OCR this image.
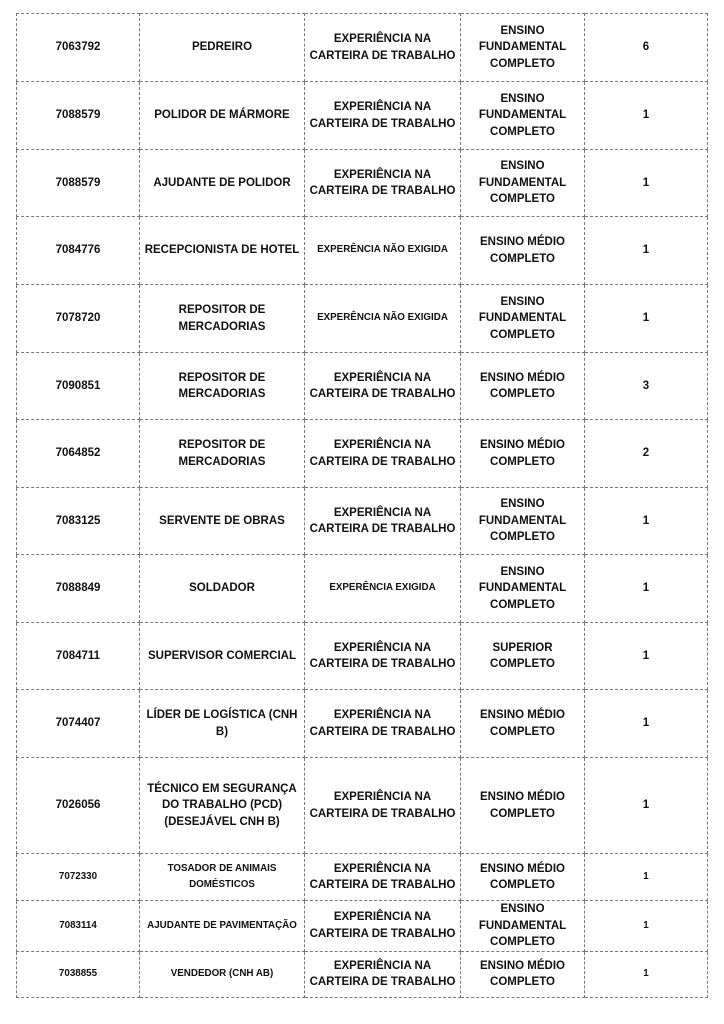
7063792	PEDREIRO	EXPERIÊNCIA NA CARTEIRA DE TRABALHO	ENSINO FUNDAMENTAL COMPLETO	6
7088579	POLIDOR DE MÁRMORE	EXPERIÊNCIA NA CARTEIRA DE TRABALHO	ENSINO FUNDAMENTAL COMPLETO	1
7088579	AJUDANTE DE POLIDOR	EXPERIÊNCIA NA CARTEIRA DE TRABALHO	ENSINO FUNDAMENTAL COMPLETO	1
7084776	RECEPCIONISTA DE HOTEL	EXPERÊNCIA NÃO EXIGIDA	ENSINO MÉDIO COMPLETO	1
7078720	REPOSITOR DE MERCADORIAS	EXPERÊNCIA NÃO EXIGIDA	ENSINO FUNDAMENTAL COMPLETO	1
7090851	REPOSITOR DE MERCADORIAS	EXPERIÊNCIA NA CARTEIRA DE TRABALHO	ENSINO MÉDIO COMPLETO	3
7064852	REPOSITOR DE MERCADORIAS	EXPERIÊNCIA NA CARTEIRA DE TRABALHO	ENSINO MÉDIO COMPLETO	2
7083125	SERVENTE DE OBRAS	EXPERIÊNCIA NA CARTEIRA DE TRABALHO	ENSINO FUNDAMENTAL COMPLETO	1
7088849	SOLDADOR	EXPERÊNCIA EXIGIDA	ENSINO FUNDAMENTAL COMPLETO	1
7084711	SUPERVISOR COMERCIAL	EXPERIÊNCIA NA CARTEIRA DE TRABALHO	SUPERIOR COMPLETO	1
7074407	LÍDER DE LOGÍSTICA (CNH B)	EXPERIÊNCIA NA CARTEIRA DE TRABALHO	ENSINO MÉDIO COMPLETO	1
7026056	TÉCNICO EM SEGURANÇA DO TRABALHO (PCD) (DESEJÁVEL CNH B)	EXPERIÊNCIA NA CARTEIRA DE TRABALHO	ENSINO MÉDIO COMPLETO	1
7072330	TOSADOR DE ANIMAIS DOMÉSTICOS	EXPERIÊNCIA NA CARTEIRA DE TRABALHO	ENSINO MÉDIO COMPLETO	1
7083114	AJUDANTE DE PAVIMENTAÇÃO	EXPERIÊNCIA NA CARTEIRA DE TRABALHO	ENSINO FUNDAMENTAL COMPLETO	1
7038855	VENDEDOR (CNH AB)	EXPERIÊNCIA NA CARTEIRA DE TRABALHO	ENSINO MÉDIO COMPLETO	1
